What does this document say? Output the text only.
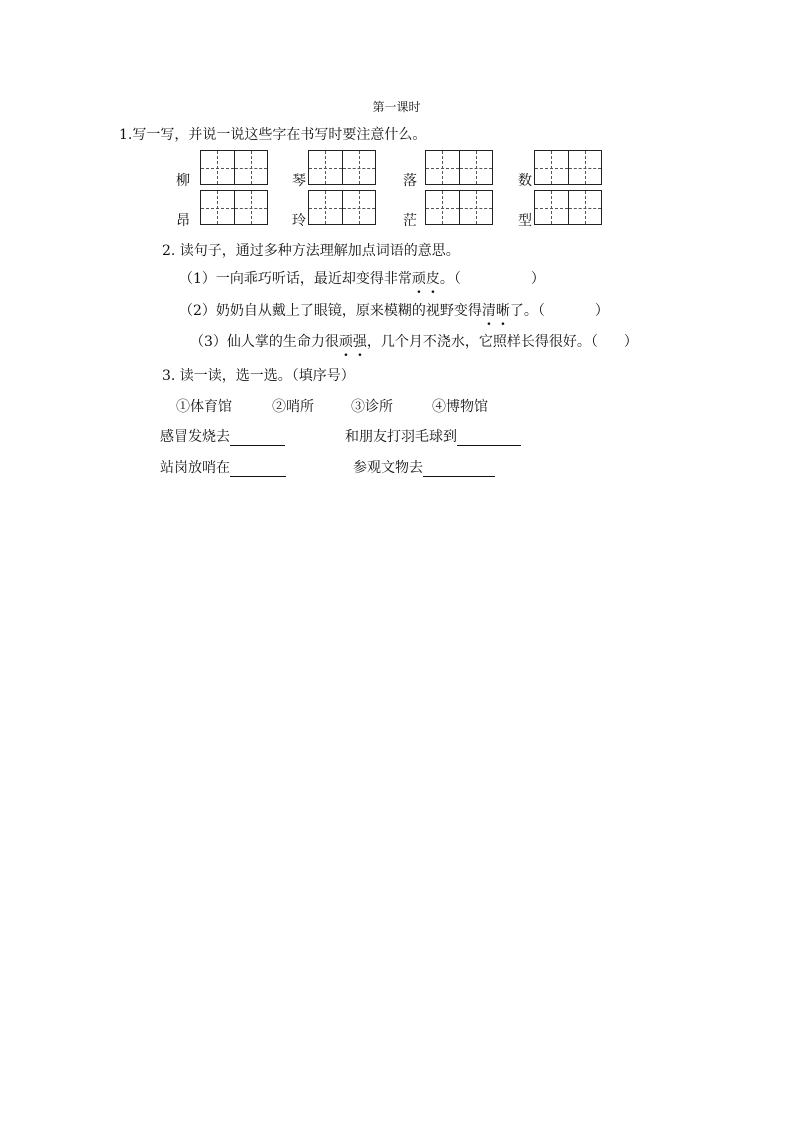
第一课时
1.写一写，并说一说这些字在书写时要注意什么。
柳	琴	落	数
昂	玲	茫	型
2. 读句子，通过多种方法理解加点词语的意思。
（1）一向乖巧听话，最近却变得非常顽皮。（	）
（2）奶奶自从戴上了眼镜，原来模糊的视野变得清晰了。（	）
（3）仙人掌的生命力很顽强，几个月不浇水，它照样长得很好。（ ）
3. 读一读，选一选。（填序号）
①体育馆	②哨所	③诊所	④博物馆
感冒发烧去	和朋友打羽毛球到
站岗放哨在	参观文物去
